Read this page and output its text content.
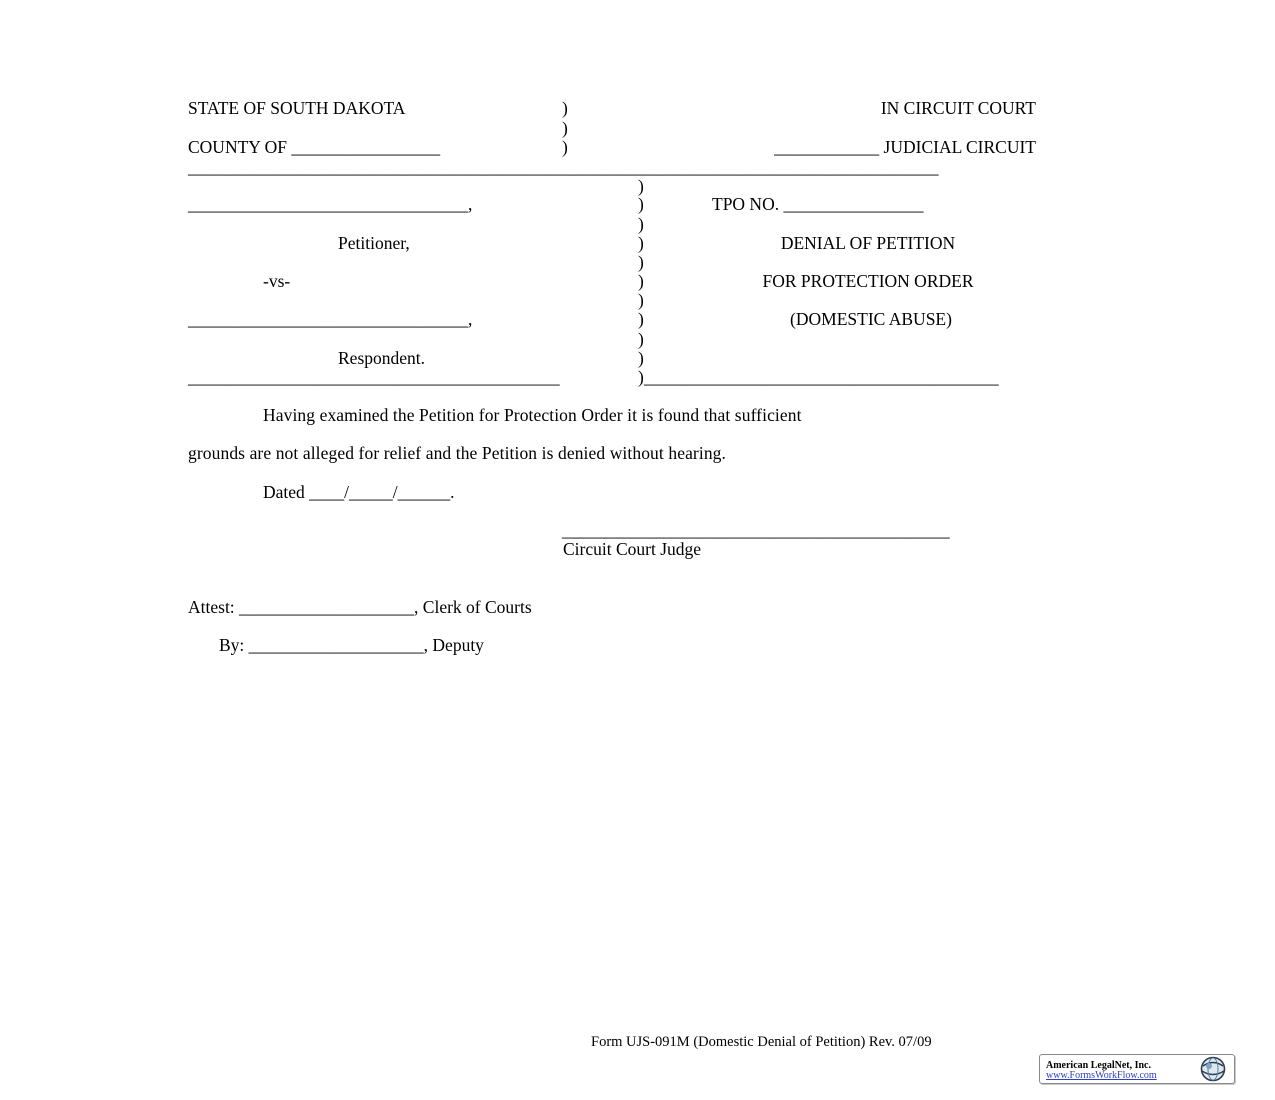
STATE OF SOUTH DAKOTA
COUNTY OF _________________
)
)
)
IN CIRCUIT COURT
____________ JUDICIAL CIRCUIT
_____________________________________________________________________________________
________________________________,
Petitioner,
-vs-
________________________________,
Respondent.
)
)
)
)
)
)
)
)
)
)
__________________________________________	)________________________________________
TPO NO. ________________
DENIAL OF PETITION
FOR PROTECTION ORDER
(DOMESTIC ABUSE)
Having examined the Petition for Protection Order it is found that sufficient
grounds are not alleged for relief and the Petition is denied without hearing.
Dated ____/_____/______.
____________________________________________
Circuit Court Judge
Attest: ____________________, Clerk of Courts
By: ____________________, Deputy
Form UJS-091M (Domestic Denial of Petition) Rev. 07/09
American LegalNet, Inc.
www.FormsWorkFlow.com
